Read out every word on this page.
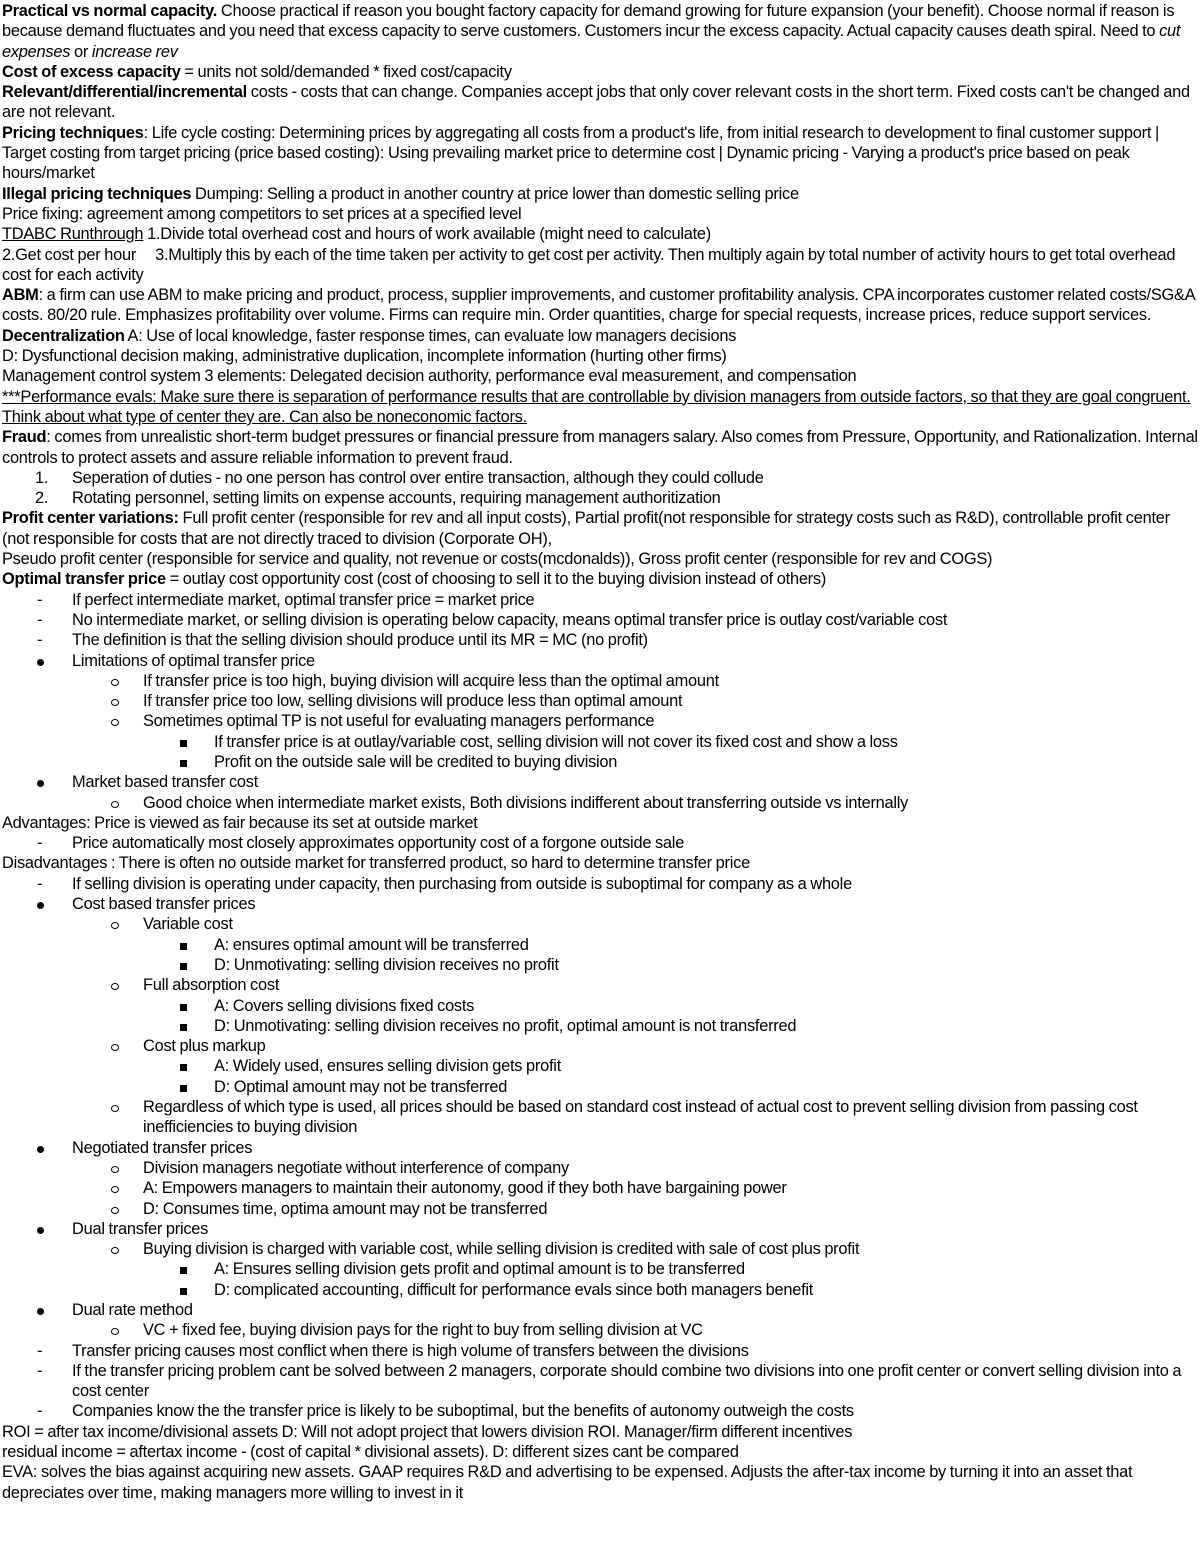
Practical vs normal capacity. Choose practical if reason you bought factory capacity for demand growing for future expansion (your benefit). Choose normal if reason is because demand fluctuates and you need that excess capacity to serve customers. Customers incur the excess capacity. Actual capacity causes death spiral. Need to cut expenses or increase rev

Cost of excess capacity = units not sold/demanded * fixed cost/capacity

Relevant/differential/incremental costs - costs that can change. Companies accept jobs that only cover relevant costs in the short term. Fixed costs can't be changed and are not relevant.

Pricing techniques: Life cycle costing: Determining prices by aggregating all costs from a product's life, from initial research to development to final customer support | Target costing from target pricing (price based costing): Using prevailing market price to determine cost | Dynamic pricing - Varying a product's price based on peak hours/market

Illegal pricing techniques Dumping: Selling a product in another country at price lower than domestic selling price

Price fixing: agreement among competitors to set prices at a specified level

TDABC Runthrough 1.Divide total overhead cost and hours of work available (might need to calculate)

2.Get cost per hour     3.Multiply this by each of the time taken per activity to get cost per activity. Then multiply again by total number of activity hours to get total overhead cost for each activity

ABM: a firm can use ABM to make pricing and product, process, supplier improvements, and customer profitability analysis. CPA incorporates customer related costs/SG&A costs. 80/20 rule. Emphasizes profitability over volume. Firms can require min. Order quantities, charge for special requests, increase prices, reduce support services.

Decentralization A: Use of local knowledge, faster response times, can evaluate low managers decisions

D: Dysfunctional decision making, administrative duplication, incomplete information (hurting other firms)

Management control system 3 elements: Delegated decision authority, performance eval measurement, and compensation

***Performance evals: Make sure there is separation of performance results that are controllable by division managers from outside factors, so that they are goal congruent. Think about what type of center they are. Can also be noneconomic factors.

Fraud: comes from unrealistic short-term budget pressures or financial pressure from managers salary. Also comes from Pressure, Opportunity, and Rationalization. Internal controls to protect assets and assure reliable information to prevent fraud.

1. Seperation of duties - no one person has control over entire transaction, although they could collude
2. Rotating personnel, setting limits on expense accounts, requiring management authoritization

Profit center variations: Full profit center (responsible for rev and all input costs), Partial profit(not responsible for strategy costs such as R&D), controllable profit center (not responsible for costs that are not directly traced to division (Corporate OH),

Pseudo profit center (responsible for service and quality, not revenue or costs(mcdonalds)), Gross profit center (responsible for rev and COGS)

Optimal transfer price = outlay cost opportunity cost (cost of choosing to sell it to the buying division instead of others)

-
If perfect intermediate market, optimal transfer price = market price
-
No intermediate market, or selling division is operating below capacity, means optimal transfer price is outlay cost/variable cost
-
The definition is that the selling division should produce until its MR = MC (no profit)
Limitations of optimal transfer price
If transfer price is too high, buying division will acquire less than the optimal amount
If transfer price too low, selling divisions will produce less than optimal amount
Sometimes optimal TP is not useful for evaluating managers performance
If transfer price is at outlay/variable cost, selling division will not cover its fixed cost and show a loss
Profit on the outside sale will be credited to buying division
Market based transfer cost
Good choice when intermediate market exists, Both divisions indifferent about transferring outside vs internally

Advantages: Price is viewed as fair because its set at outside market

-
Price automatically most closely approximates opportunity cost of a forgone outside sale

Disadvantages : There is often no outside market for transferred product, so hard to determine transfer price

-
If selling division is operating under capacity, then purchasing from outside is suboptimal for company as a whole
Cost based transfer prices
Variable cost
A: ensures optimal amount will be transferred
D: Unmotivating: selling division receives no profit
Full absorption cost
A: Covers selling divisions fixed costs
D: Unmotivating: selling division receives no profit, optimal amount is not transferred
Cost plus markup
A: Widely used, ensures selling division gets profit
D: Optimal amount may not be transferred
Regardless of which type is used, all prices should be based on standard cost instead of actual cost to prevent selling division from passing cost inefficiencies to buying division
Negotiated transfer prices
Division managers negotiate without interference of company
A: Empowers managers to maintain their autonomy, good if they both have bargaining power
D: Consumes time, optima amount may not be transferred
Dual transfer prices
Buying division is charged with variable cost, while selling division is credited with sale of cost plus profit
A: Ensures selling division gets profit and optimal amount is to be transferred
D: complicated accounting, difficult for performance evals since both managers benefit
Dual rate method
VC + fixed fee, buying division pays for the right to buy from selling division at VC
-
Transfer pricing causes most conflict when there is high volume of transfers between the divisions
-
If the transfer pricing problem cant be solved between 2 managers, corporate should combine two divisions into one profit center or convert selling division into a cost center
-
Companies know the the transfer price is likely to be suboptimal, but the benefits of autonomy outweigh the costs

ROI = after tax income/divisional assets D: Will not adopt project that lowers division ROI. Manager/firm different incentives

residual income = aftertax income - (cost of capital * divisional assets). D: different sizes cant be compared

EVA: solves the bias against acquiring new assets. GAAP requires R&D and advertising to be expensed. Adjusts the after-tax income by turning it into an asset that depreciates over time, making managers more willing to invest in it
